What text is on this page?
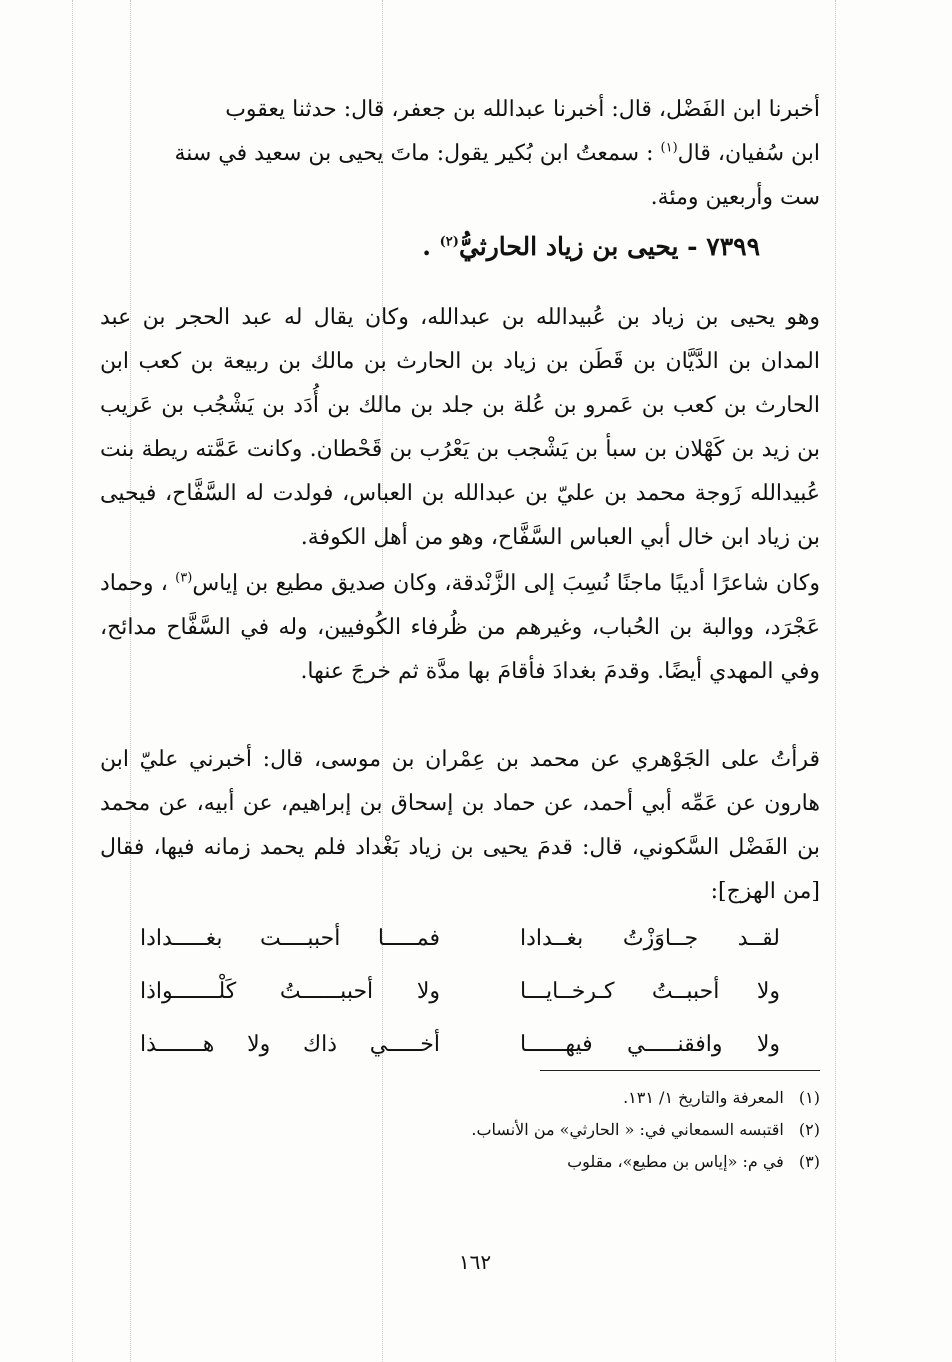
أخبرنا ابن الفَضْل، قال: أخبرنا عبدالله بن جعفر، قال: حدثنا يعقوب
ابن سُفيان، قال$^{(١)}$ : سمعتُ ابن بُكير يقول: ماتَ يحيى بن سعيد في سنة
ست وأربعين ومئة.
٧٣٩٩ - يحيى بن زياد الحارثيُّ$^{(٢)}$ .
وهو يحيى بن زياد بن عُبيدالله بن عبدالله، وكان يقال له عبد الحجر بن عبد المدان بن الدَّيَّان بن قَطَن بن زياد بن الحارث بن مالك بن ربيعة بن كعب ابن الحارث بن كعب بن عَمرو بن عُلة بن جلد بن مالك بن أُدَد بن يَشْجُب بن عَريب بن زيد بن كَهْلان بن سبأ بن يَشْجب بن يَعْرُب بن قَحْطان. وكانت عَمَّته ريطة بنت عُبيدالله زَوجة محمد بن عليّ بن عبدالله بن العباس، فولدت له السَّفَّاح، فيحيى بن زياد ابن خال أبي العباس السَّفَّاح، وهو من أهل الكوفة.
وكان شاعرًا أديبًا ماجنًا نُسِبَ إلى الزَّنْدقة، وكان صديق مطيع بن إياس$^{(٣)}$ ، وحماد عَجْرَد، ووالبة بن الحُباب، وغيرهم من ظُرفاء الكُوفيين، وله في السَّفَّاح مدائح، وفي المهدي أيضًا. وقدمَ بغدادَ فأقامَ بها مدَّة ثم خرجَ عنها.
قرأتُ على الجَوْهري عن محمد بن عِمْران بن موسى، قال: أخبرني عليّ ابن هارون عن عَمِّه أبي أحمد، عن حماد بن إسحاق بن إبراهيم، عن أبيه، عن محمد بن الفَضْل السَّكوني، قال: قدمَ يحيى بن زياد بَغْداد فلم يحمد زمانه فيها، فقال [من الهزج]:
لقــد جــاوَزْتُ بغــدادا
فمـــــا أحببــــت بغـــــدادا
ولا أحببــتُ كـرخــايـــا
ولا أحببــــــتُ كَلْـــــــواذا
ولا وافقنـــــي فيهــــــا
أخـــــي ذاك ولا هـــــــذا
(١) المعرفة والتاريخ ١/ ١٣١.
(٢) اقتبسه السمعاني في: « الحارثي» من الأنساب.
(٣) في م: «إياس بن مطيع»، مقلوب
١٦٢
